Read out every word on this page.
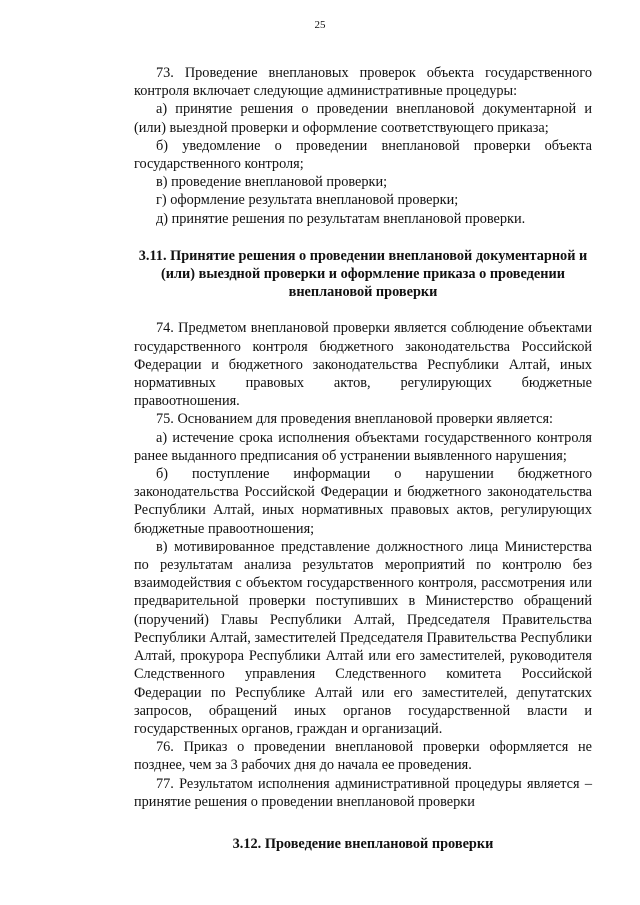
25

73. Проведение внеплановых проверок объекта государственного контроля включает следующие административные процедуры:

а) принятие решения о проведении внеплановой документарной и (или) выездной проверки и оформление соответствующего приказа;

б) уведомление о проведении внеплановой проверки объекта государственного контроля;

в) проведение внеплановой проверки;

г) оформление результата внеплановой проверки;

д) принятие решения по результатам внеплановой проверки.

3.11. Принятие решения о проведении внеплановой документарной и (или) выездной проверки и оформление приказа о проведении внеплановой проверки

74. Предметом внеплановой проверки является соблюдение объектами государственного контроля бюджетного законодательства Российской Федерации и бюджетного законодательства Республики Алтай, иных нормативных правовых актов, регулирующих бюджетные правоотношения.

75. Основанием для проведения внеплановой проверки является:

а) истечение срока исполнения объектами государственного контроля ранее выданного предписания об устранении выявленного нарушения;

б) поступление информации о нарушении бюджетного законодательства Российской Федерации и бюджетного законодательства Республики Алтай, иных нормативных правовых актов, регулирующих бюджетные правоотношения;

в) мотивированное представление должностного лица Министерства по результатам анализа результатов мероприятий по контролю без взаимодействия с объектом государственного контроля, рассмотрения или предварительной проверки поступивших в Министерство обращений (поручений) Главы Республики Алтай, Председателя Правительства Республики Алтай, заместителей Председателя Правительства Республики Алтай, прокурора Республики Алтай или его заместителей, руководителя Следственного управления Следственного комитета Российской Федерации по Республике Алтай или его заместителей, депутатских запросов, обращений иных органов государственной власти и государственных органов, граждан и организаций.

76. Приказ о проведении внеплановой проверки оформляется не позднее, чем за 3 рабочих дня до начала ее проведения.

77. Результатом исполнения административной процедуры является – принятие решения о проведении внеплановой проверки

3.12. Проведение внеплановой проверки
